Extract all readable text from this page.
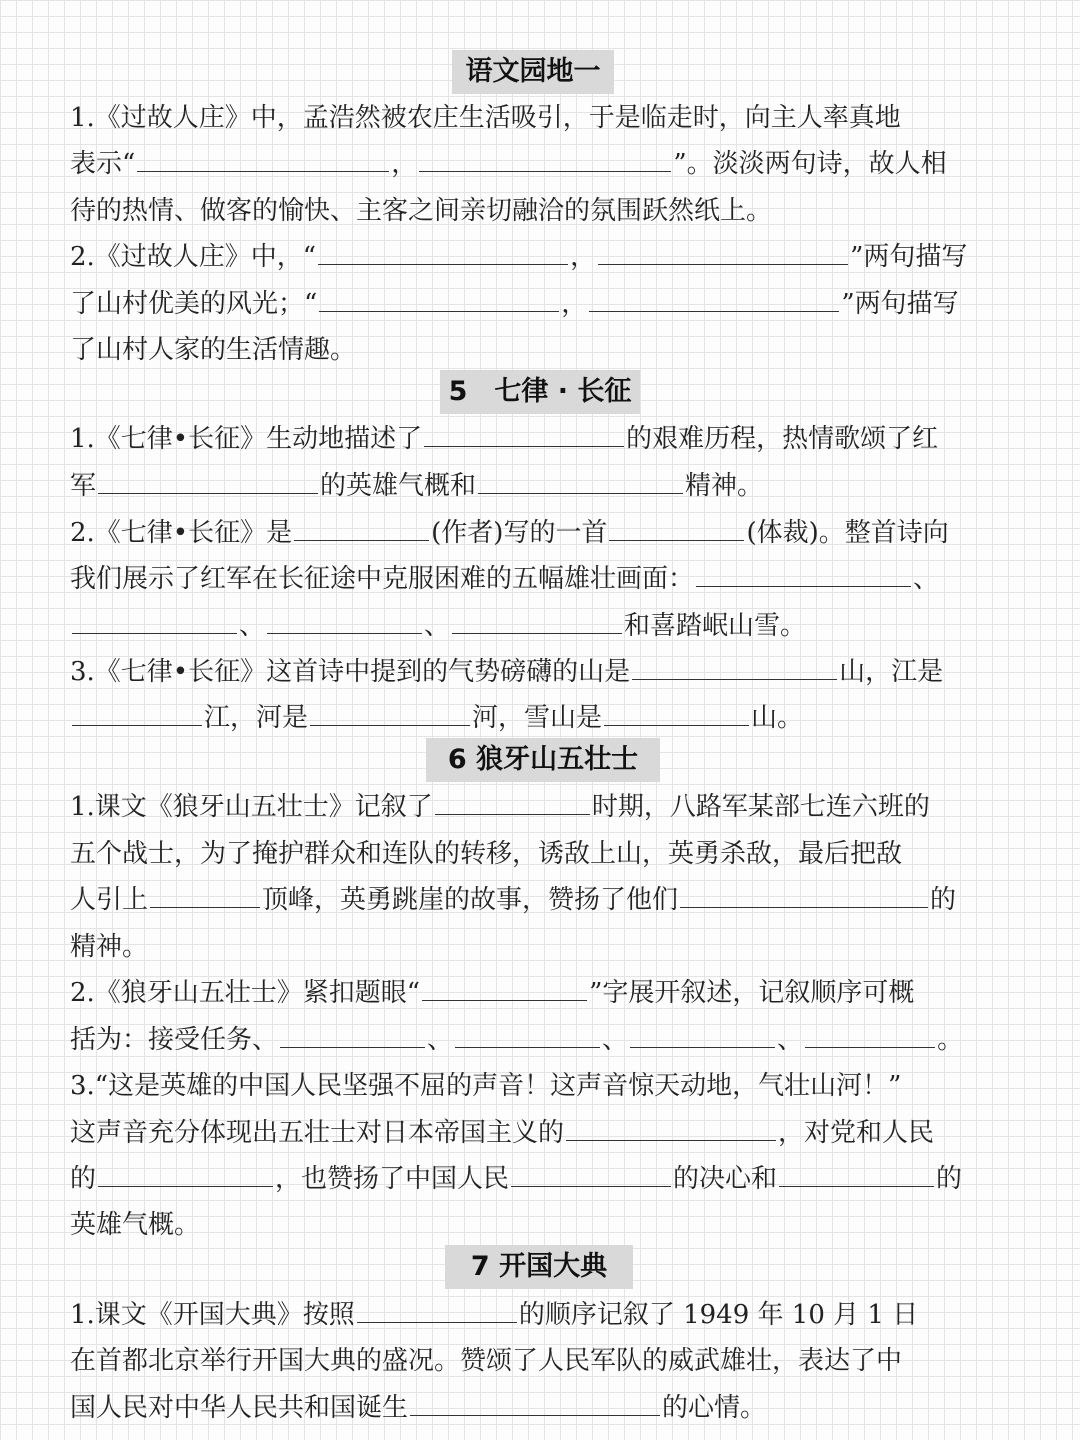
语文园地一
5　七律 · 长征
6 狼牙山五壮士
7 开国大典
1.《过故人庄》中，孟浩然被农庄生活吸引，于是临走时，向主人率真地
表示“	，	”。淡淡两句诗，故人相
待的热情、做客的愉快、主客之间亲切融洽的氛围跃然纸上。
2.《过故人庄》中，“	，	”两句描写
了山村优美的风光；“	，	”两句描写
了山村人家的生活情趣。
1.《七律•长征》生动地描述了	的艰难历程，热情歌颂了红
军	的英雄气概和	精神。
2.《七律•长征》是	(作者)写的一首	(体裁)。整首诗向
我们展示了红军在长征途中克服困难的五幅雄壮画面：	、
、	、	和喜踏岷山雪。
3.《七律•长征》这首诗中提到的气势磅礴的山是	山，江是
江，河是	河，雪山是	山。
1.课文《狼牙山五壮士》记叙了	时期，八路军某部七连六班的
五个战士，为了掩护群众和连队的转移，诱敌上山，英勇杀敌，最后把敌
人引上	顶峰，英勇跳崖的故事，赞扬了他们	的
精神。
2.《狼牙山五壮士》紧扣题眼“	”字展开叙述，记叙顺序可概
括为：接受任务、	、	、	、	。
3.“这是英雄的中国人民坚强不屈的声音！这声音惊天动地，气壮山河！”
这声音充分体现出五壮士对日本帝国主义的	，对党和人民
的	，也赞扬了中国人民	的决心和	的
英雄气概。
1.课文《开国大典》按照	的顺序记叙了 1949 年 10 月 1 日
在首都北京举行开国大典的盛况。赞颂了人民军队的威武雄壮，表达了中
国人民对中华人民共和国诞生	的心情。
